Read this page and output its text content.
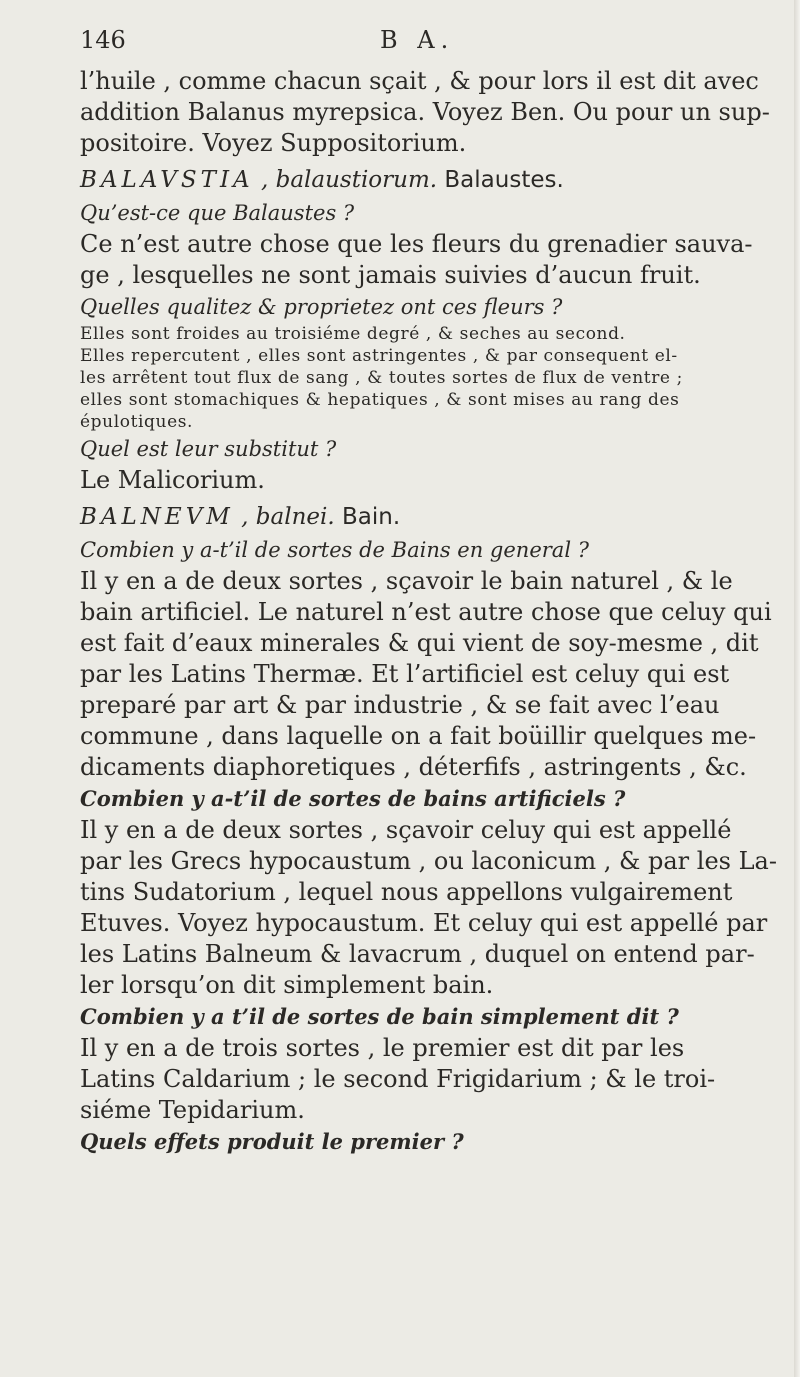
146	B A.
l’huile , comme chacun sçait , & pour lors il est dit avec
addition Balanus myrepsica. Voyez Ben. Ou pour un sup-
positoire. Voyez Suppositorium.
BALAVSTIA , balaustiorum. Balaustes.
Qu’est-ce que Balaustes ?
Ce n’est autre chose que les fleurs du grenadier sauva-
ge , lesquelles ne sont jamais suivies d’aucun fruit.
Quelles qualitez & proprietez ont ces fleurs ?
Elles sont froides au troisiéme degré , & seches au second.
Elles repercutent , elles sont astringentes , & par consequent el-
les arrêtent tout flux de sang , & toutes sortes de flux de ventre ;
elles sont stomachiques & hepatiques , & sont mises au rang des
épulotiques.
Quel est leur substitut ?
Le Malicorium.
BALNEVM , balnei. Bain.
Combien y a-t’il de sortes de Bains en general ?
Il y en a de deux sortes , sçavoir le bain naturel , & le
bain artificiel. Le naturel n’est autre chose que celuy qui
est fait d’eaux minerales & qui vient de soy-mesme , dit
par les Latins Thermæ. Et l’artificiel est celuy qui est
preparé par art & par industrie , & se fait avec l’eau
commune , dans laquelle on a fait boüillir quelques me-
dicaments diaphoretiques , déterfifs , astringents , &c.
Combien y a-t’il de sortes de bains artificiels ?
Il y en a de deux sortes , sçavoir celuy qui est appellé
par les Grecs hypocaustum , ou laconicum , & par les La-
tins Sudatorium , lequel nous appellons vulgairement
Etuves. Voyez hypocaustum. Et celuy qui est appellé par
les Latins Balneum & lavacrum , duquel on entend par-
ler lorsqu’on dit simplement bain.
Combien y a t’il de sortes de bain simplement dit ?
Il y en a de trois sortes , le premier est dit par les
Latins Caldarium ; le second Frigidarium ; & le troi-
siéme Tepidarium.
Quels effets produit le premier ?
